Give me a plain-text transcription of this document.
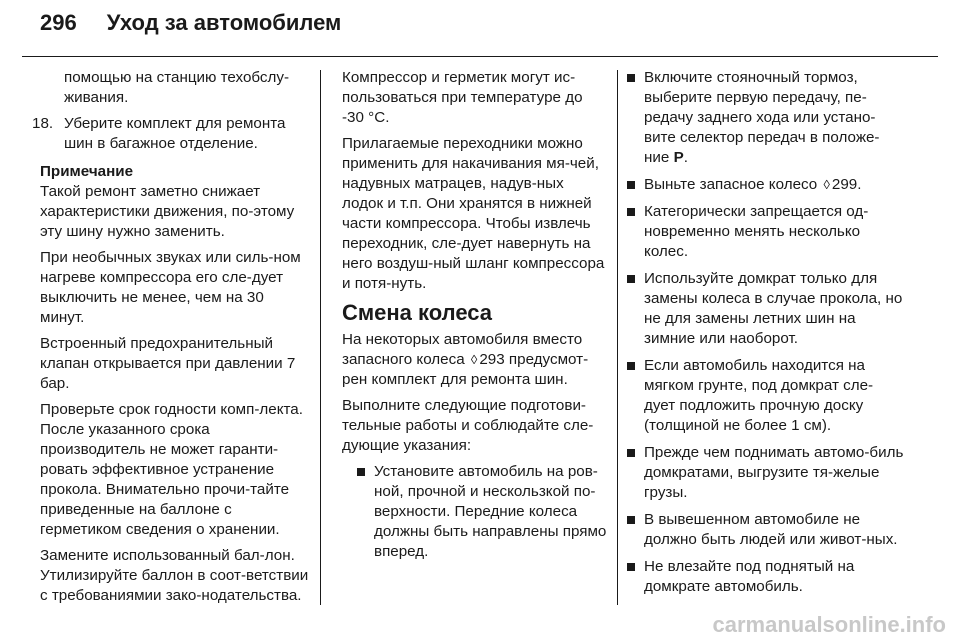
296 Уход за автомобилем
помощью на станцию техобслу-живания.
18. Уберите комплект для ремонта шин в багажное отделение.

Примечание

Такой ремонт заметно снижает характеристики движения, по-этому эту шину нужно заменить.

При необычных звуках или силь-ном нагреве компрессора его сле-дует выключить не менее, чем на 30 минут.

Встроенный предохранительный клапан открывается при давлении 7 бар.

Проверьте срок годности комп-лекта. После указанного срока производитель не может гаранти-ровать эффективное устранение прокола. Внимательно прочи-тайте приведенные на баллоне с герметиком сведения о хранении.

Замените использованный бал-лон. Утилизируйте баллон в соот-ветствии с требованиямии зако-нодательства.

Компрессор и герметик могут ис-пользоваться при температуре до -30 °C.

Прилагаемые переходники можно применить для накачивания мя-чей, надувных матрацев, надув-ных лодок и т.п. Они хранятся в нижней части компрессора. Чтобы извлечь переходник, сле-дует навернуть на него воздуш-ный шланг компрессора и потя-нуть.

Смена колеса

На некоторых автомобиля вместо запасного колеса ◊ 293 предусмот-рен комплект для ремонта шин.

Выполните следующие подготови-тельные работы и соблюдайте сле-дующие указания:

Установите автомобиль на ров-ной, прочной и нескользкой по-верхности. Передние колеса должны быть направлены прямо вперед.
Включите стояночный тормоз, выберите первую передачу, пе-редачу заднего хода или устано-вите селектор передач в положе-ние P.
Выньте запасное колесо ◊ 299.
Категорически запрещается од-новременно менять несколько колес.
Используйте домкрат только для замены колеса в случае прокола, но не для замены летних шин на зимние или наоборот.
Если автомобиль находится на мягком грунте, под домкрат сле-дует подложить прочную доску (толщиной не более 1 см).
Прежде чем поднимать автомо-биль домкратами, выгрузите тя-желые грузы.
В вывешенном автомобиле не должно быть людей или живот-ных.
Не влезайте под поднятый на домкрате автомобиль.
carmanualsonline.info
